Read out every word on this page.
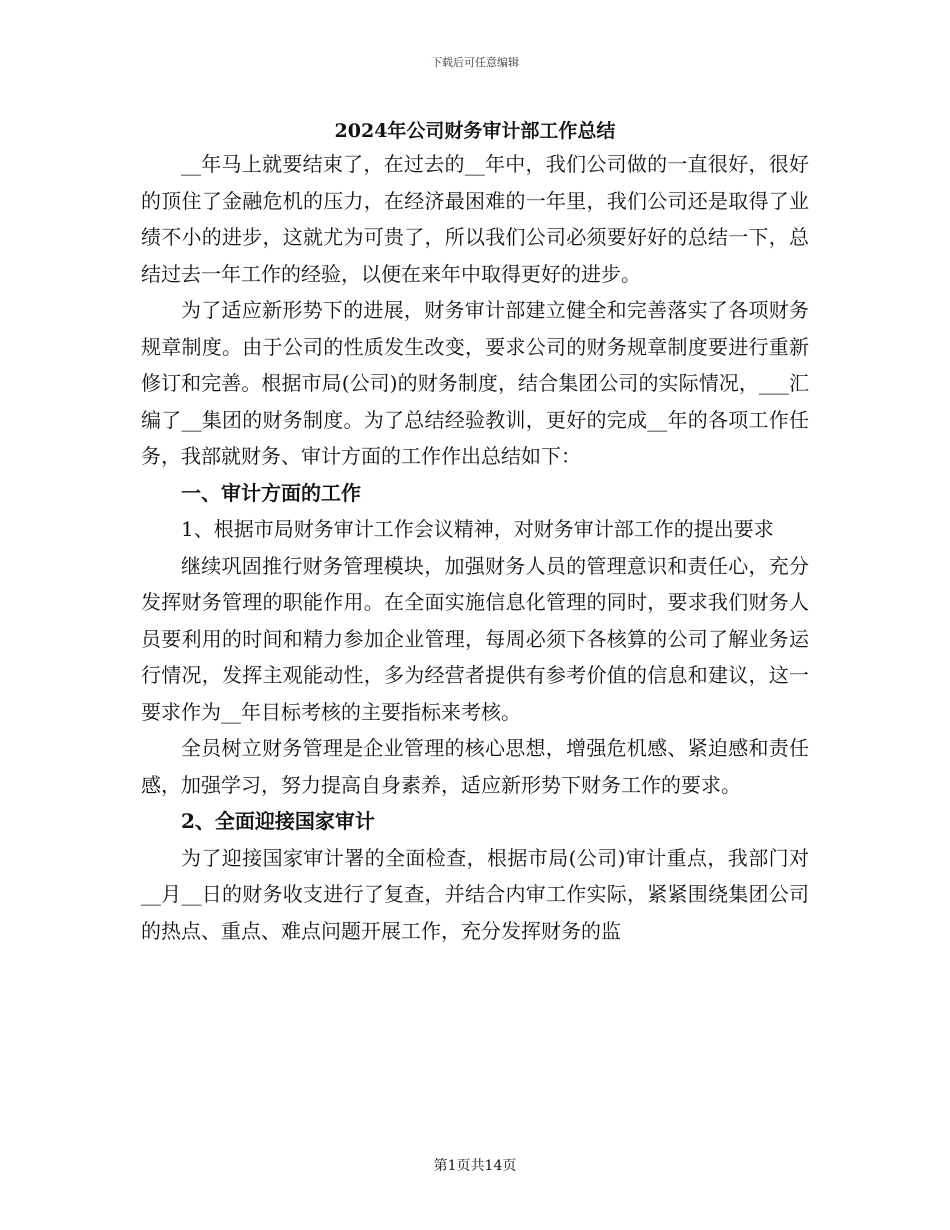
下载后可任意编辑
2024年公司财务审计部工作总结

__年马上就要结束了，在过去的__年中，我们公司做的一直很好，很好的顶住了金融危机的压力，在经济最困难的一年里，我们公司还是取得了业绩不小的进步，这就尤为可贵了，所以我们公司必须要好好的总结一下，总结过去一年工作的经验，以便在来年中取得更好的进步。

为了适应新形势下的进展，财务审计部建立健全和完善落实了各项财务规章制度。由于公司的性质发生改变，要求公司的财务规章制度要进行重新修订和完善。根据市局(公司)的财务制度，结合集团公司的实际情况，___汇编了__集团的财务制度。为了总结经验教训，更好的完成__年的各项工作任务，我部就财务、审计方面的工作作出总结如下：

一、审计方面的工作

1、根据市局财务审计工作会议精神，对财务审计部工作的提出要求

继续巩固推行财务管理模块，加强财务人员的管理意识和责任心，充分发挥财务管理的职能作用。在全面实施信息化管理的同时，要求我们财务人员要利用的时间和精力参加企业管理，每周必须下各核算的公司了解业务运行情况，发挥主观能动性，多为经营者提供有参考价值的信息和建议，这一要求作为__年目标考核的主要指标来考核。

全员树立财务管理是企业管理的核心思想，增强危机感、紧迫感和责任感，加强学习，努力提高自身素养，适应新形势下财务工作的要求。

2、全面迎接国家审计

为了迎接国家审计署的全面检查，根据市局(公司)审计重点，我部门对__月__日的财务收支进行了复查，并结合内审工作实际，紧紧围绕集团公司的热点、重点、难点问题开展工作，充分发挥财务的监

第1页共14页
